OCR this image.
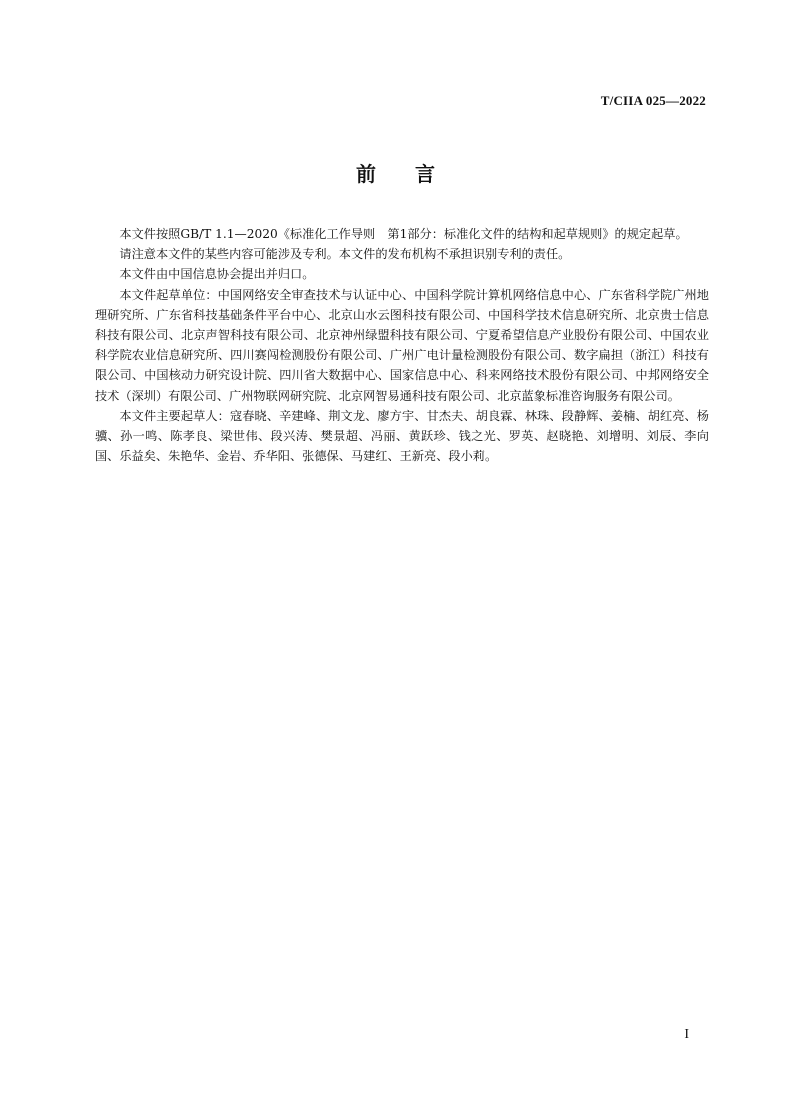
T/CIIA 025—2022
前 言

本文件按照GB/T 1.1—2020《标准化工作导则　第1部分：标准化文件的结构和起草规则》的规定起草。

请注意本文件的某些内容可能涉及专利。本文件的发布机构不承担识别专利的责任。

本文件由中国信息协会提出并归口。

本文件起草单位：中国网络安全审查技术与认证中心、中国科学院计算机网络信息中心、广东省科学院广州地理研究所、广东省科技基础条件平台中心、北京山水云图科技有限公司、中国科学技术信息研究所、北京贵士信息科技有限公司、北京声智科技有限公司、北京神州绿盟科技有限公司、宁夏希望信息产业股份有限公司、中国农业科学院农业信息研究所、四川赛闯检测股份有限公司、广州广电计量检测股份有限公司、数字扁担（浙江）科技有限公司、中国核动力研究设计院、四川省大数据中心、国家信息中心、科来网络技术股份有限公司、中邦网络安全技术（深圳）有限公司、广州物联网研究院、北京网智易通科技有限公司、北京蓝象标准咨询服务有限公司。

本文件主要起草人：寇春晓、辛建峰、荆文龙、廖方宇、甘杰夫、胡良霖、林珠、段静辉、姜楠、胡红亮、杨骥、孙一鸣、陈孝良、梁世伟、段兴涛、樊景超、冯丽、黄跃珍、钱之光、罗英、赵晓艳、刘增明、刘辰、李向国、乐益矣、朱艳华、金岩、乔华阳、张德保、马建红、王新亮、段小莉。

I
